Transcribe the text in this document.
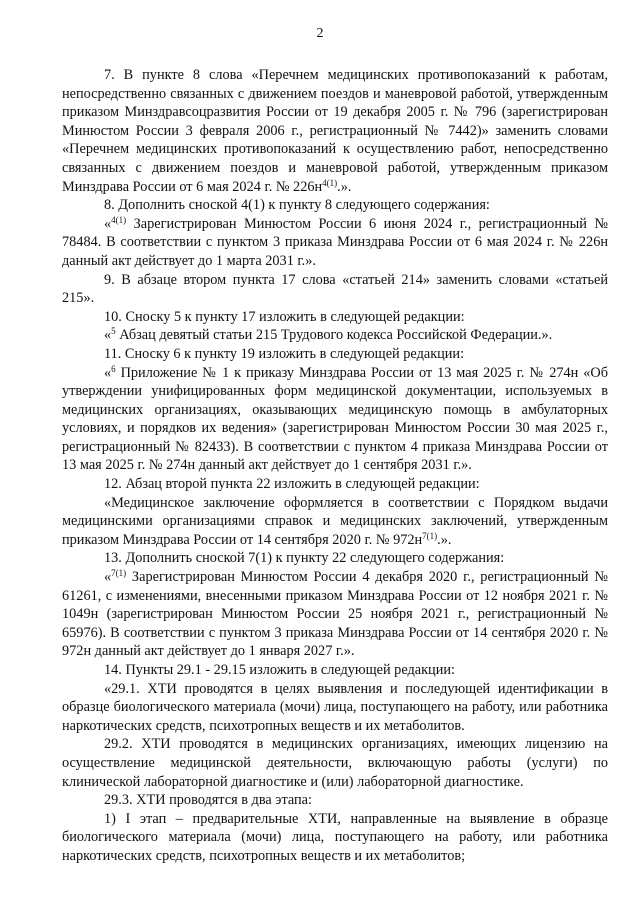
2

7. В пункте 8 слова «Перечнем медицинских противопоказаний к работам, непосредственно связанных с движением поездов и маневровой работой, утвержденным приказом Минздравсоцразвития России от 19 декабря 2005 г. № 796 (зарегистрирован Минюстом России 3 февраля 2006 г., регистрационный № 7442)» заменить словами «Перечнем медицинских противопоказаний к осуществлению работ, непосредственно связанных с движением поездов и маневровой работой, утвержденным приказом Минздрава России от 6 мая 2024 г. № $226н^{4(1)}$.».

8. Дополнить сноской 4(1) к пункту 8 следующего содержания:

«$^{4(1)}$ Зарегистрирован Минюстом России 6 июня 2024 г., регистрационный № 78484. В соответствии с пунктом 3 приказа Минздрава России от 6 мая 2024 г. № 226н данный акт действует до 1 марта 2031 г.».

9. В абзаце втором пункта 17 слова «статьей 214» заменить словами «статьей 215».

10. Сноску 5 к пункту 17 изложить в следующей редакции:

«$^5$ Абзац девятый статьи 215 Трудового кодекса Российской Федерации.».

11. Сноску 6 к пункту 19 изложить в следующей редакции:

«$^6$ Приложение № 1 к приказу Минздрава России от 13 мая 2025 г. № 274н «Об утверждении унифицированных форм медицинской документации, используемых в медицинских организациях, оказывающих медицинскую помощь в амбулаторных условиях, и порядков их ведения» (зарегистрирован Минюстом России 30 мая 2025 г., регистрационный № 82433). В соответствии с пунктом 4 приказа Минздрава России от 13 мая 2025 г. № 274н данный акт действует до 1 сентября 2031 г.».

12. Абзац второй пункта 22 изложить в следующей редакции:

«Медицинское заключение оформляется в соответствии с Порядком выдачи медицинскими организациями справок и медицинских заключений, утвержденным приказом Минздрава России от 14 сентября 2020 г. № $972н^{7(1)}$.».

13. Дополнить сноской 7(1) к пункту 22 следующего содержания:

«$^{7(1)}$ Зарегистрирован Минюстом России 4 декабря 2020 г., регистрационный № 61261, с изменениями, внесенными приказом Минздрава России от 12 ноября 2021 г. № 1049н (зарегистрирован Минюстом России 25 ноября 2021 г., регистрационный № 65976). В соответствии с пунктом 3 приказа Минздрава России от 14 сентября 2020 г. № 972н данный акт действует до 1 января 2027 г.».

14. Пункты 29.1 - 29.15 изложить в следующей редакции:

«29.1. ХТИ проводятся в целях выявления и последующей идентификации в образце биологического материала (мочи) лица, поступающего на работу, или работника наркотических средств, психотропных веществ и их метаболитов.

29.2. ХТИ проводятся в медицинских организациях, имеющих лицензию на осуществление медицинской деятельности, включающую работы (услуги) по клинической лабораторной диагностике и (или) лабораторной диагностике.

29.3. ХТИ проводятся в два этапа:

1) I этап – предварительные ХТИ, направленные на выявление в образце биологического материала (мочи) лица, поступающего на работу, или работника наркотических средств, психотропных веществ и их метаболитов;
